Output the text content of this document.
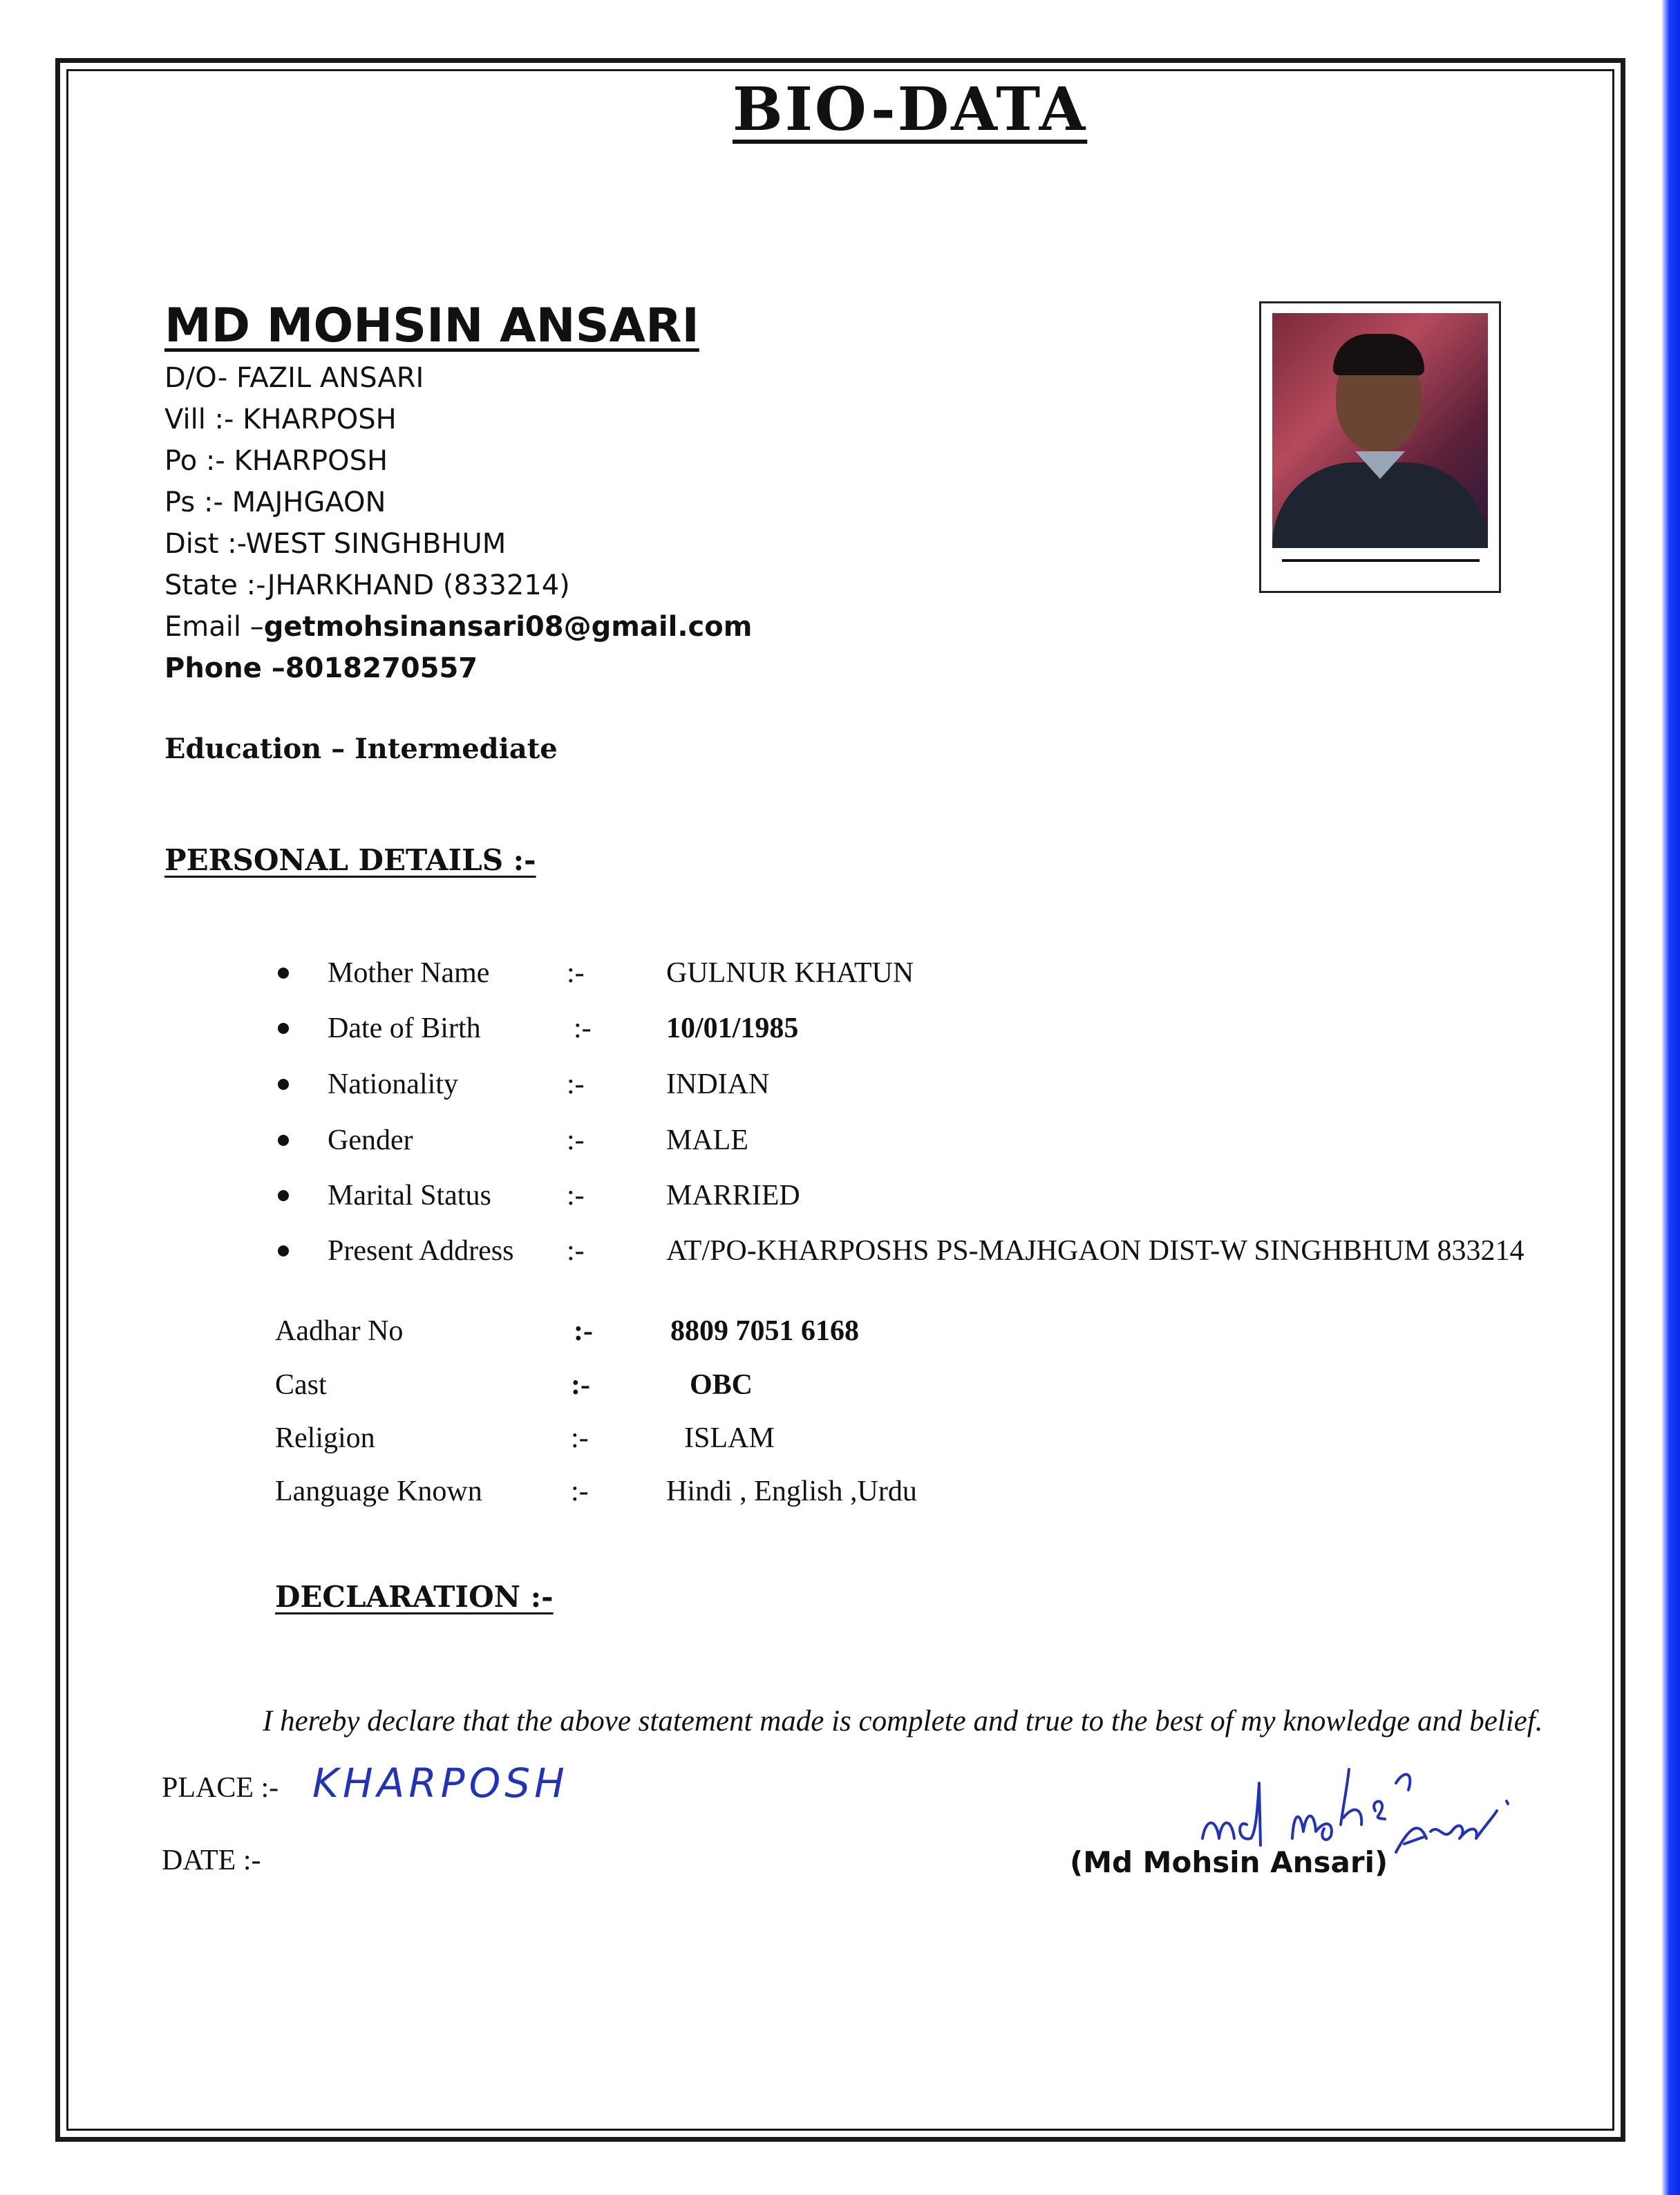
BIO-DATA
MD MOHSIN ANSARI
D/O- FAZIL ANSARI
Vill :- KHARPOSH
Po :- KHARPOSH
Ps :- MAJHGAON
Dist :-WEST SINGHBHUM
State :-JHARKHAND (833214)
Email –getmohsinansari08@gmail.com
Phone –8018270557
Education – Intermediate
PERSONAL DETAILS :-
Mother Name	:-	GULNUR KHATUN
Date of Birth	:-	10/01/1985
Nationality	:-	INDIAN
Gender	:-	MALE
Marital Status	:-	MARRIED
Present Address :-	AT/PO-KHARPOSHS PS-MAJHGAON DIST-W SINGHBHUM 833214
Aadhar No	:-	8809 7051 6168
Cast	:-	OBC
Religion	:-	ISLAM
Language Known	:-	Hindi , English ,Urdu
DECLARATION :-
I hereby declare that the above statement made is complete and true to the best of my knowledge and belief.
PLACE :- KHARPOSH
DATE :-	(Md Mohsin Ansari)
